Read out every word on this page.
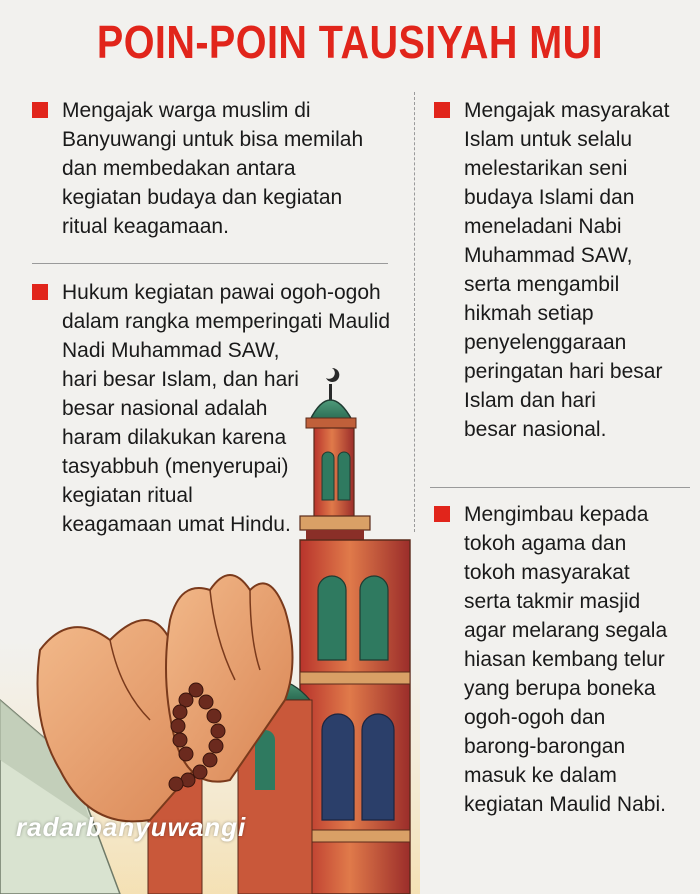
POIN-POIN TAUSIYAH MUI
Mengajak warga muslim di
Banyuwangi untuk bisa memilah
dan membedakan antara
kegiatan budaya dan kegiatan
ritual keagamaan.
Hukum kegiatan pawai ogoh-ogoh
dalam rangka memperingati Maulid
Nadi Muhammad SAW,
hari besar Islam, dan hari
besar nasional adalah
haram dilakukan karena
tasyabbuh (menyerupai)
kegiatan ritual
keagamaan umat Hindu.
Mengajak masyarakat
Islam untuk selalu
melestarikan seni
budaya Islami dan
meneladani Nabi
Muhammad SAW,
serta mengambil
hikmah setiap
penyelenggaraan
peringatan hari besar
Islam dan hari
besar nasional.
Mengimbau kepada
tokoh agama dan
tokoh masyarakat
serta takmir masjid
agar melarang segala
hiasan kembang telur
yang berupa boneka
ogoh-ogoh dan
barong-barongan
masuk ke dalam
kegiatan Maulid Nabi.
radarbanyuwangi
